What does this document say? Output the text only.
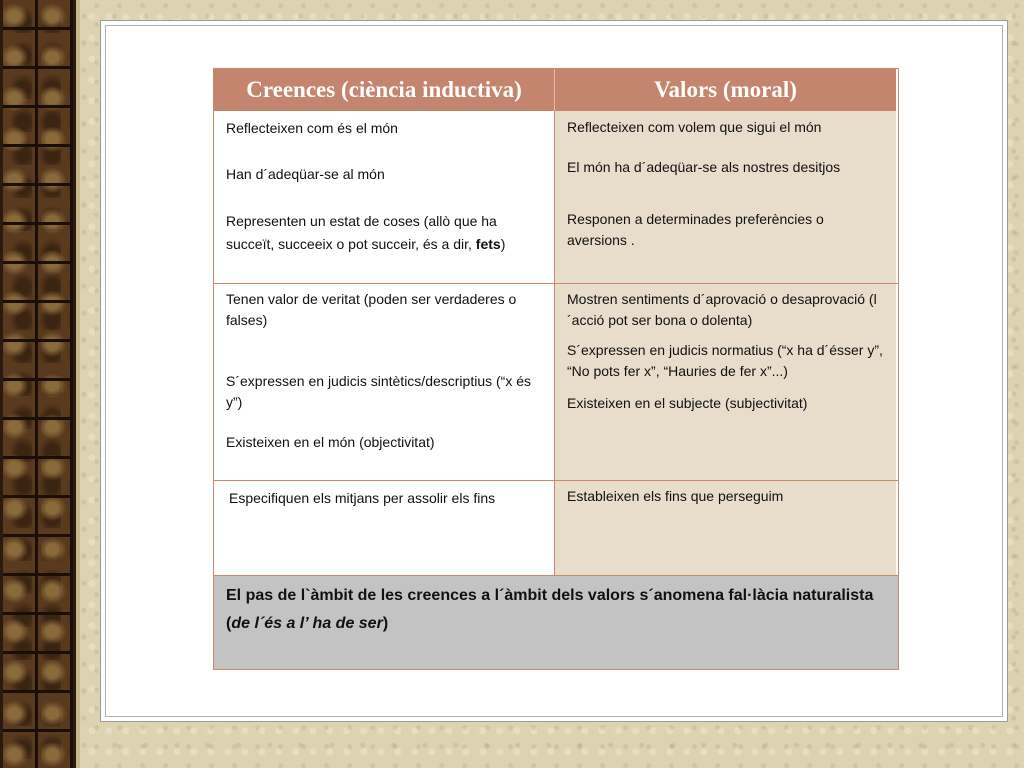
Creences (ciència inductiva)	Valors (moral)

Reflecteixen com és el món

Han d´adeqüar-se al món

Representen un estat de coses (allò que ha succeït, succeeix o pot succeir, és a dir, fets)

Reflecteixen com volem que sigui el món

El món ha d´adeqüar-se als nostres desitjos

Responen a determinades preferències o aversions .

Tenen valor de veritat (poden ser verdaderes o falses)

S´expressen en judicis sintètics/descriptius (“x és y”)

Existeixen en el món (objectivitat)

Mostren sentiments d´aprovació o desaprovació (l´acció pot ser bona o dolenta)

S´expressen en judicis normatius (“x ha d´ésser y”, “No pots fer x”, “Hauries de fer x”...)

Existeixen en el subjecte (subjectivitat)

Especifiquen els mitjans per assolir els fins	Estableixen els fins que perseguim

El pas de l`àmbit de les creences a l´àmbit dels valors s´anomena fal·làcia naturalista (de l´és a l’ ha de ser)
